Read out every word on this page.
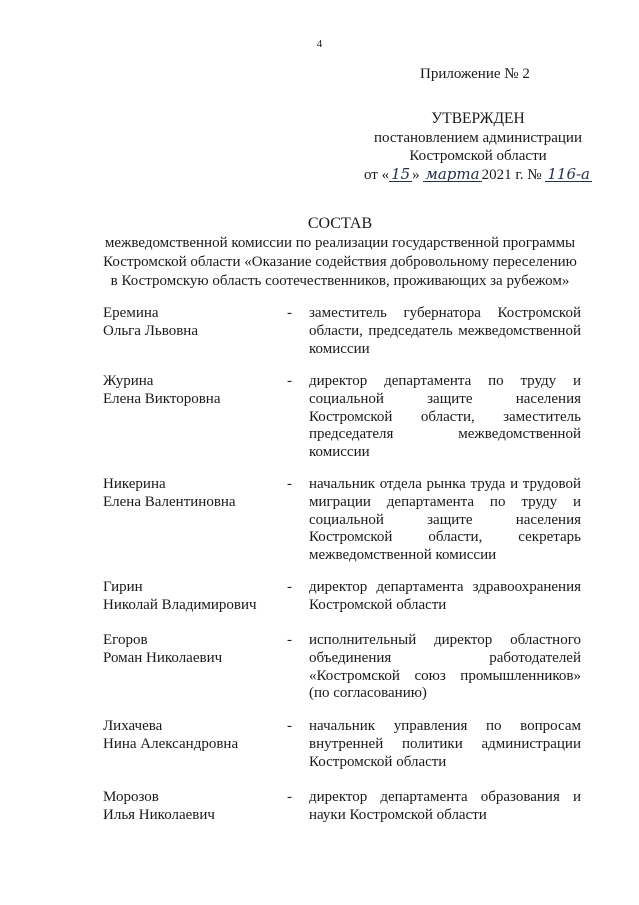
4
Приложение № 2
УТВЕРЖДЕН
постановлением администрации
Костромской области
от « 15 » марта 2021 г. № 116-а
СОСТАВ
межведомственной комиссии по реализации государственной программы
Костромской области «Оказание содействия добровольному переселению
в Костромскую область соотечественников, проживающих за рубежом»
Еремина
Ольга Львовна
- заместитель губернатора Костромской области, председатель межведомственной комиссии
Журина
Елена Викторовна
- директор департамента по труду и социальной защите населения Костромской области, заместитель председателя межведомственной комиссии
Никерина
Елена Валентиновна
- начальник отдела рынка труда и трудовой миграции департамента по труду и социальной защите населения Костромской области, секретарь межведомственной комиссии
Гирин
Николай Владимирович
- директор департамента здравоохранения Костромской области
Егоров
Роман Николаевич
- исполнительный директор областного объединения работодателей «Костромской союз промышленников» (по согласованию)
Лихачева
Нина Александровна
- начальник управления по вопросам внутренней политики администрации Костромской области
Морозов
Илья Николаевич
- директор департамента образования и науки Костромской области
